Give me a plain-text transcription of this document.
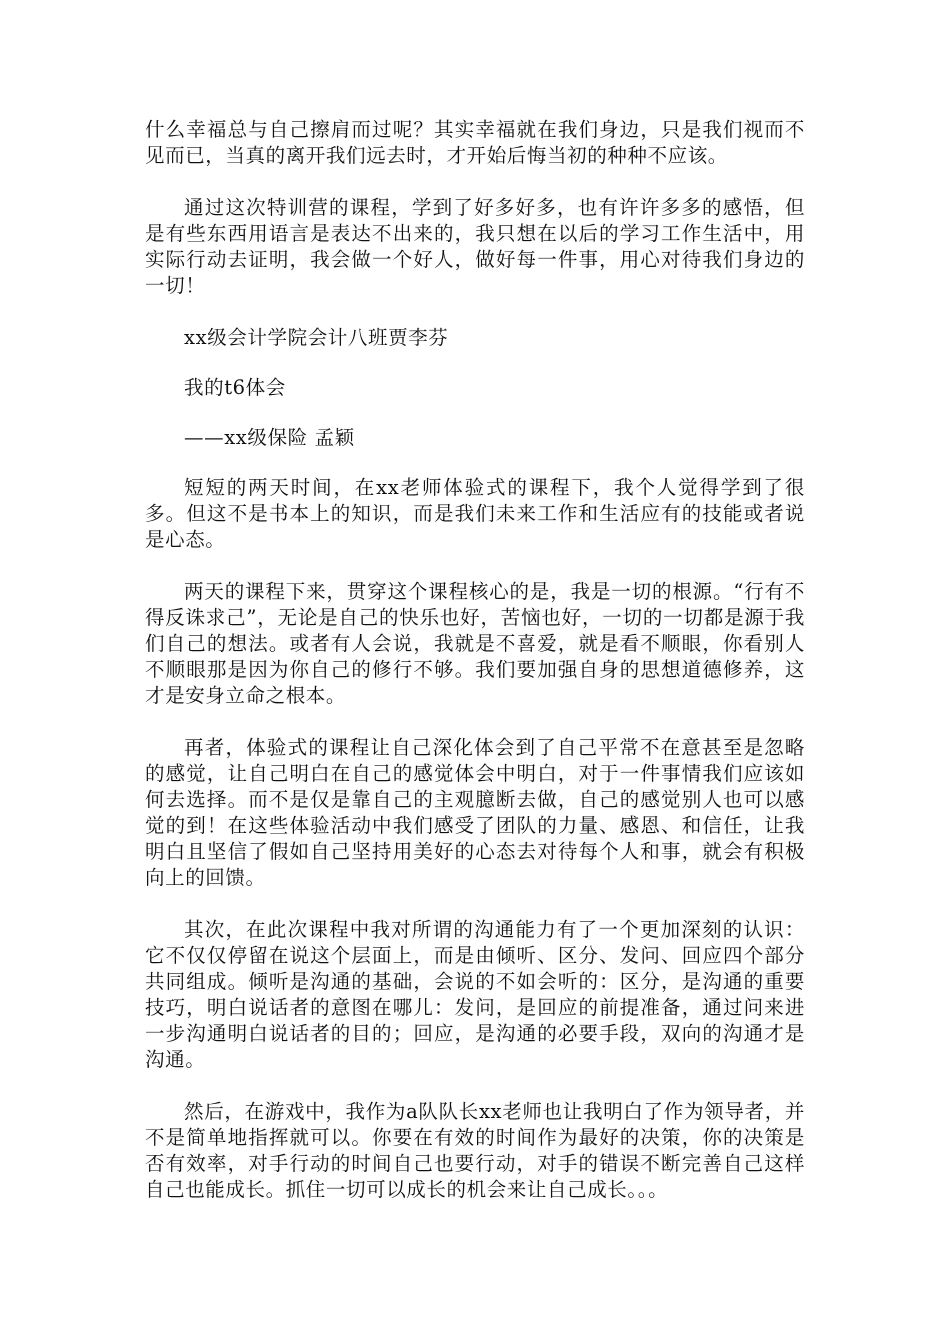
什么幸福总与自己擦肩而过呢？其实幸福就在我们身边，只是我们视而不见而已，当真的离开我们远去时，才开始后悔当初的种种不应该。

通过这次特训营的课程，学到了好多好多，也有许许多多的感悟，但是有些东西用语言是表达不出来的，我只想在以后的学习工作生活中，用实际行动去证明，我会做一个好人，做好每一件事，用心对待我们身边的一切！

xx级会计学院会计八班贾李芬

我的t6体会

——xx级保险 孟颖

短短的两天时间，在xx老师体验式的课程下，我个人觉得学到了很多。但这不是书本上的知识，而是我们未来工作和生活应有的技能或者说是心态。

两天的课程下来，贯穿这个课程核心的是，我是一切的根源。“行有不得反诛求己”，无论是自己的快乐也好，苦恼也好，一切的一切都是源于我们自己的想法。或者有人会说，我就是不喜爱，就是看不顺眼，你看别人不顺眼那是因为你自己的修行不够。我们要加强自身的思想道德修养，这才是安身立命之根本。

再者，体验式的课程让自己深化体会到了自己平常不在意甚至是忽略的感觉，让自己明白在自己的感觉体会中明白，对于一件事情我们应该如何去选择。而不是仅是靠自己的主观臆断去做，自己的感觉别人也可以感觉的到！在这些体验活动中我们感受了团队的力量、感恩、和信任，让我明白且坚信了假如自己坚持用美好的心态去对待每个人和事，就会有积极向上的回馈。

其次，在此次课程中我对所谓的沟通能力有了一个更加深刻的认识：它不仅仅停留在说这个层面上，而是由倾听、区分、发问、回应四个部分共同组成。倾听是沟通的基础，会说的不如会听的：区分，是沟通的重要技巧，明白说话者的意图在哪儿：发问，是回应的前提准备，通过问来进一步沟通明白说话者的目的；回应，是沟通的必要手段，双向的沟通才是沟通。

然后，在游戏中，我作为a队队长xx老师也让我明白了作为领导者，并不是简单地指挥就可以。你要在有效的时间作为最好的决策，你的决策是否有效率，对手行动的时间自己也要行动，对手的错误不断完善自己这样自己也能成长。抓住一切可以成长的机会来让自己成长。。。
